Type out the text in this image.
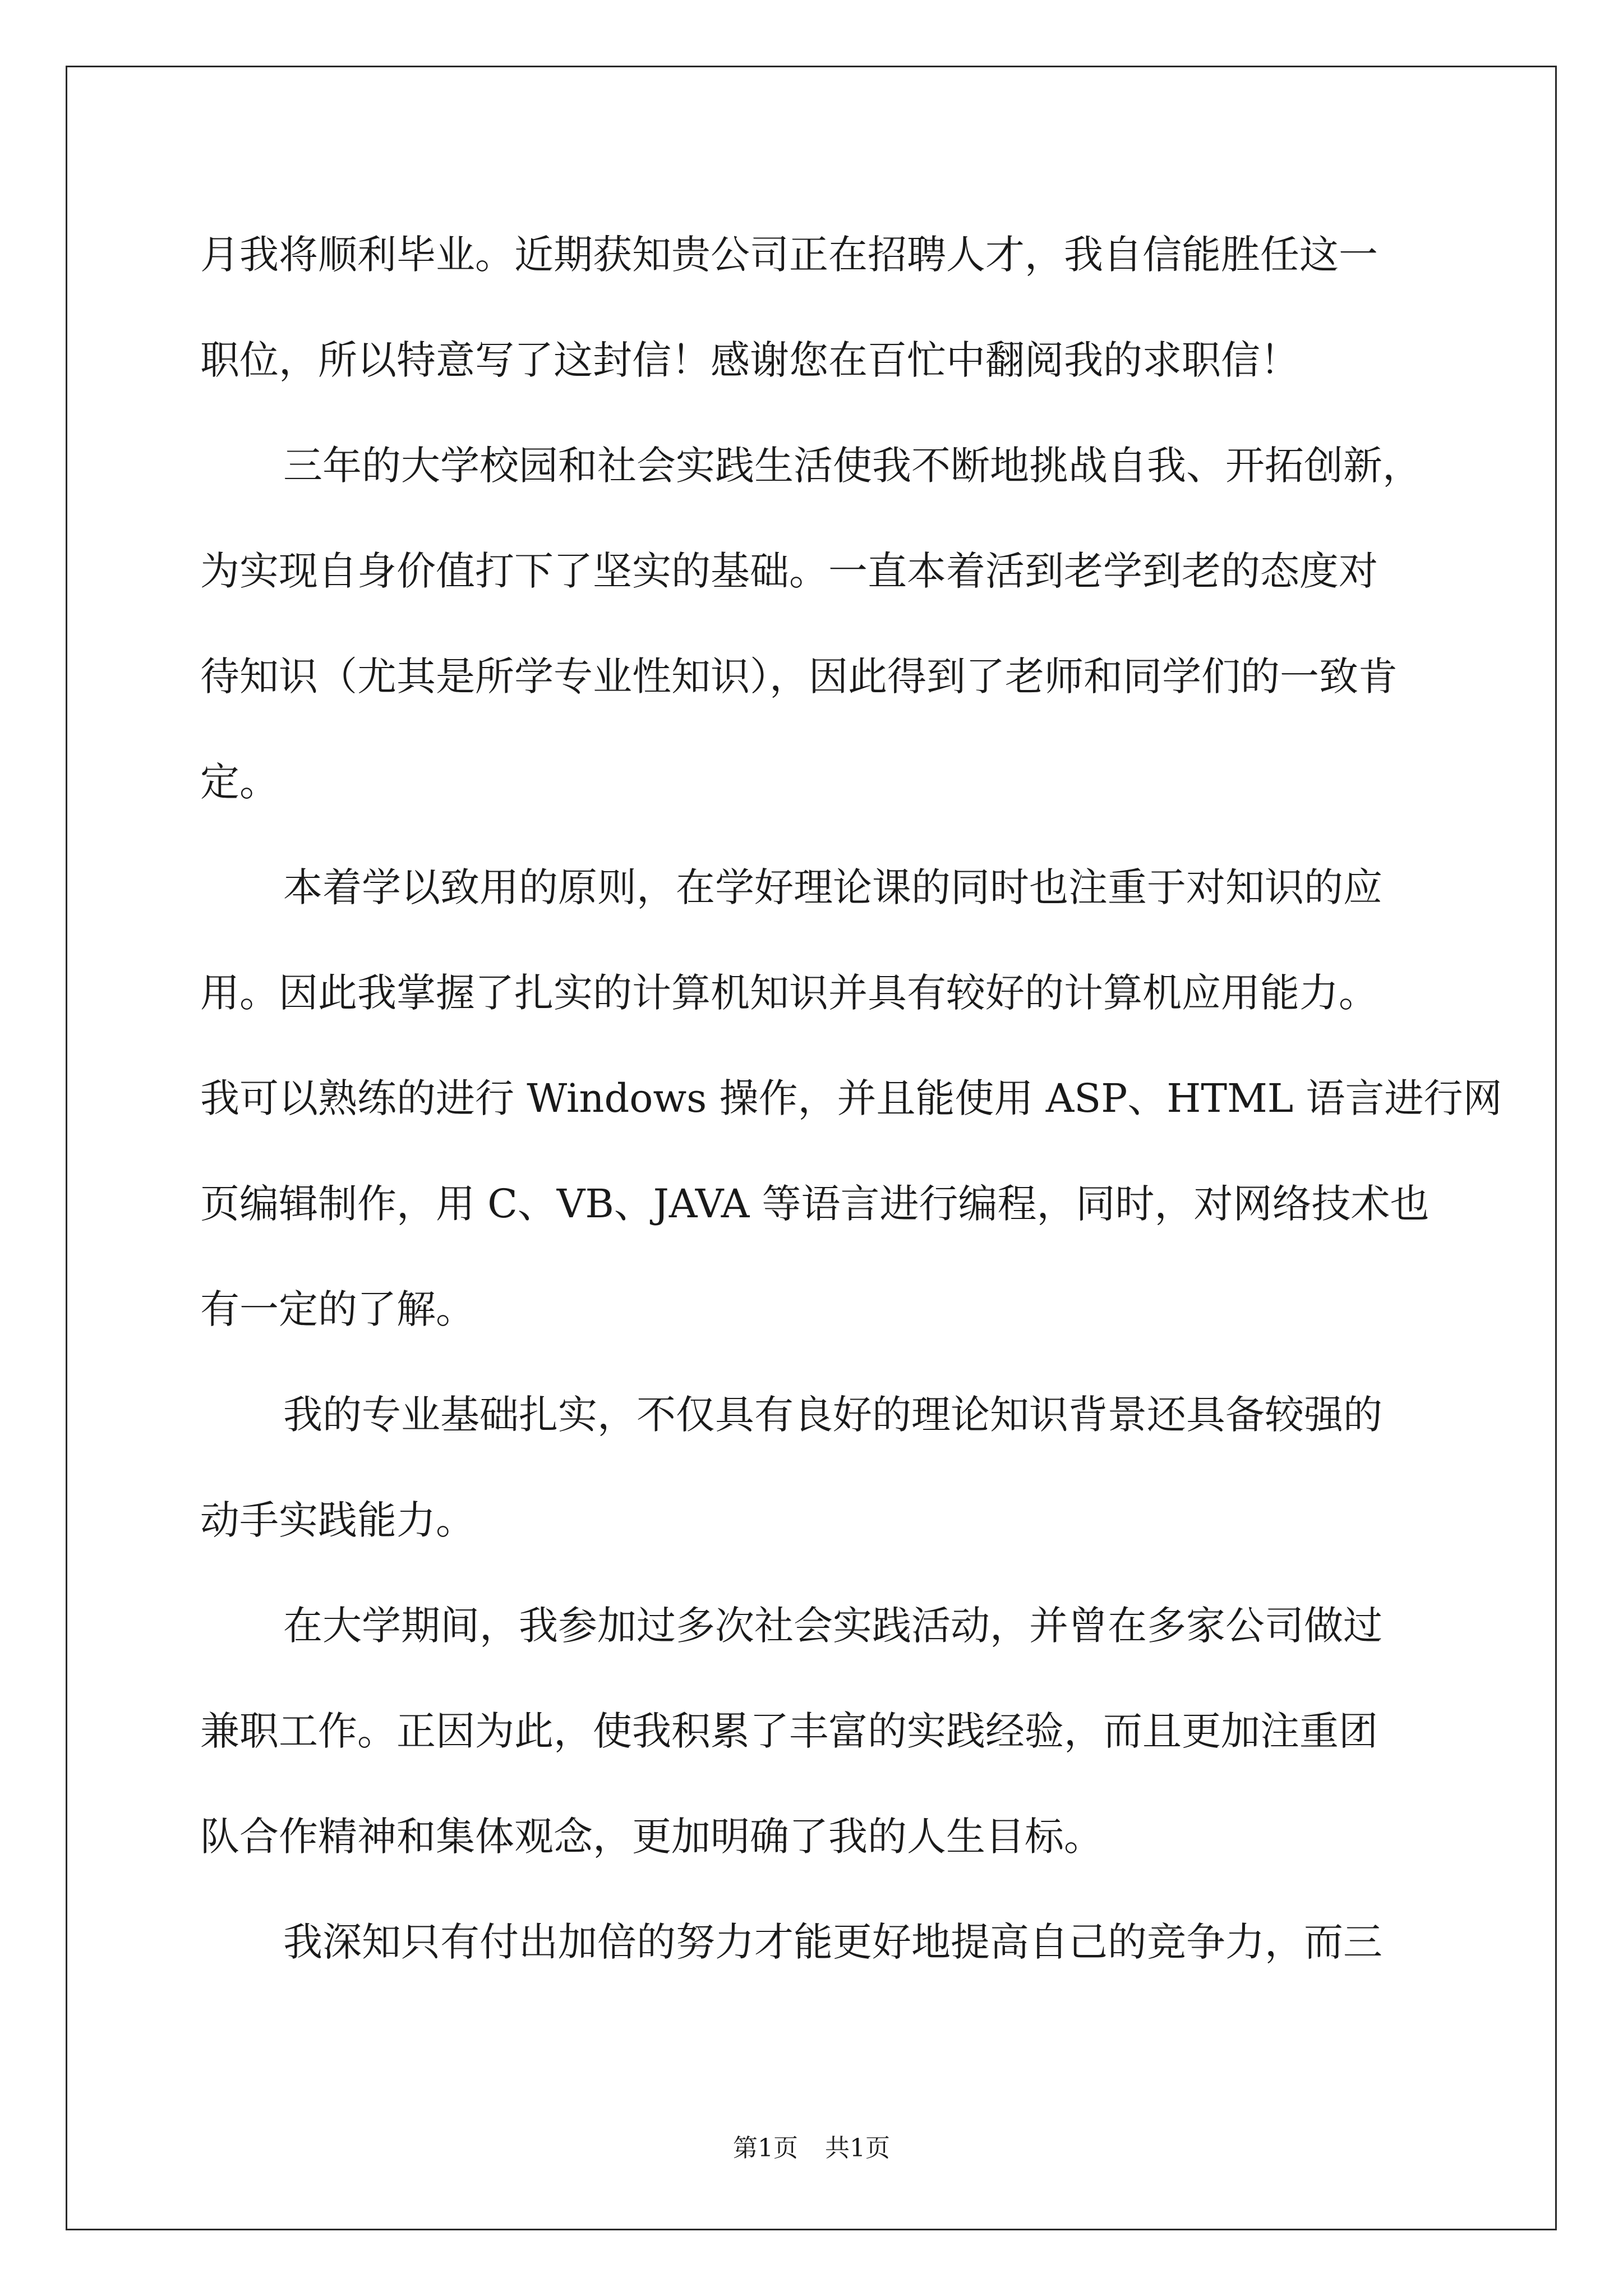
月我将顺利毕业。近期获知贵公司正在招聘人才，我自信能胜任这一
职位，所以特意写了这封信！感谢您在百忙中翻阅我的求职信！
三年的大学校园和社会实践生活使我不断地挑战自我、开拓创新，
为实现自身价值打下了坚实的基础。一直本着活到老学到老的态度对
待知识（尤其是所学专业性知识），因此得到了老师和同学们的一致肯
定。
本着学以致用的原则，在学好理论课的同时也注重于对知识的应
用。因此我掌握了扎实的计算机知识并具有较好的计算机应用能力。
我可以熟练的进行 Windows 操作，并且能使用 ASP、HTML 语言进行网
页编辑制作，用 C、VB、JAVA 等语言进行编程，同时，对网络技术也
有一定的了解。
我的专业基础扎实，不仅具有良好的理论知识背景还具备较强的
动手实践能力。
在大学期间，我参加过多次社会实践活动，并曾在多家公司做过
兼职工作。正因为此，使我积累了丰富的实践经验，而且更加注重团
队合作精神和集体观念，更加明确了我的人生目标。
我深知只有付出加倍的努力才能更好地提高自己的竞争力，而三
第1页 共1页
